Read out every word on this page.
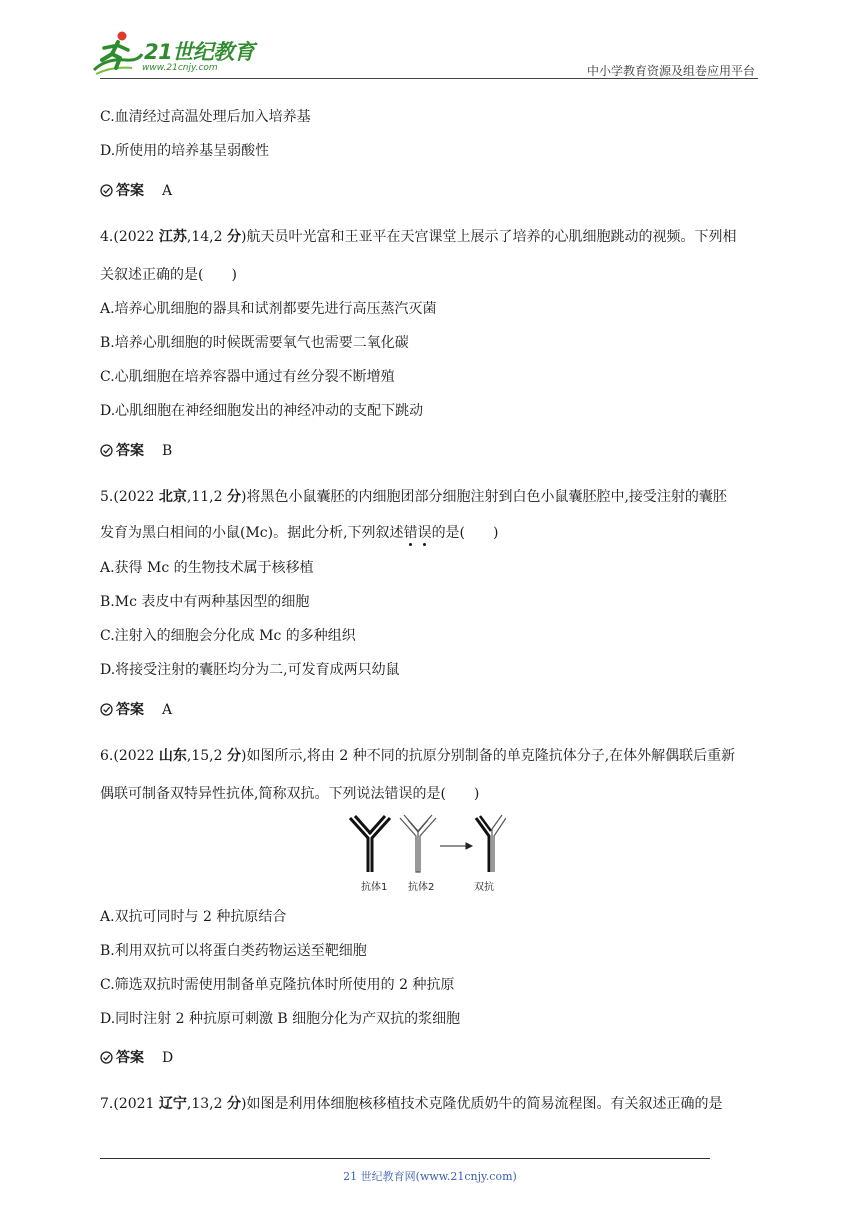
21世纪教育
www.21cnjy.com	中小学教育资源及组卷应用平台
C.血清经过高温处理后加入培养基
D.所使用的培养基呈弱酸性
答案 A
4.(2022 江苏,14,2 分)航天员叶光富和王亚平在天宫课堂上展示了培养的心肌细胞跳动的视频。下列相
关叙述正确的是(　　)
A.培养心肌细胞的器具和试剂都要先进行高压蒸汽灭菌
B.培养心肌细胞的时候既需要氧气也需要二氧化碳
C.心肌细胞在培养容器中通过有丝分裂不断增殖
D.心肌细胞在神经细胞发出的神经冲动的支配下跳动
答案 B
5.(2022 北京,11,2 分)将黑色小鼠囊胚的内细胞团部分细胞注射到白色小鼠囊胚腔中,接受注射的囊胚
发育为黑白相间的小鼠(Mc)。据此分析,下列叙述错误的是(　　)
A.获得 Mc 的生物技术属于核移植
B.Mc 表皮中有两种基因型的细胞
C.注射入的细胞会分化成 Mc 的多种组织
D.将接受注射的囊胚均分为二,可发育成两只幼鼠
答案 A
6.(2022 山东,15,2 分)如图所示,将由 2 种不同的抗原分别制备的单克隆抗体分子,在体外解偶联后重新
偶联可制备双特异性抗体,简称双抗。下列说法错误的是(　　)
抗体1 抗体2	双抗
A.双抗可同时与 2 种抗原结合
B.利用双抗可以将蛋白类药物运送至靶细胞
C.筛选双抗时需使用制备单克隆抗体时所使用的 2 种抗原
D.同时注射 2 种抗原可刺激 B 细胞分化为产双抗的浆细胞
答案 D
7.(2021 辽宁,13,2 分)如图是利用体细胞核移植技术克隆优质奶牛的简易流程图。有关叙述正确的是
21 世纪教育网(www.21cnjy.com)
